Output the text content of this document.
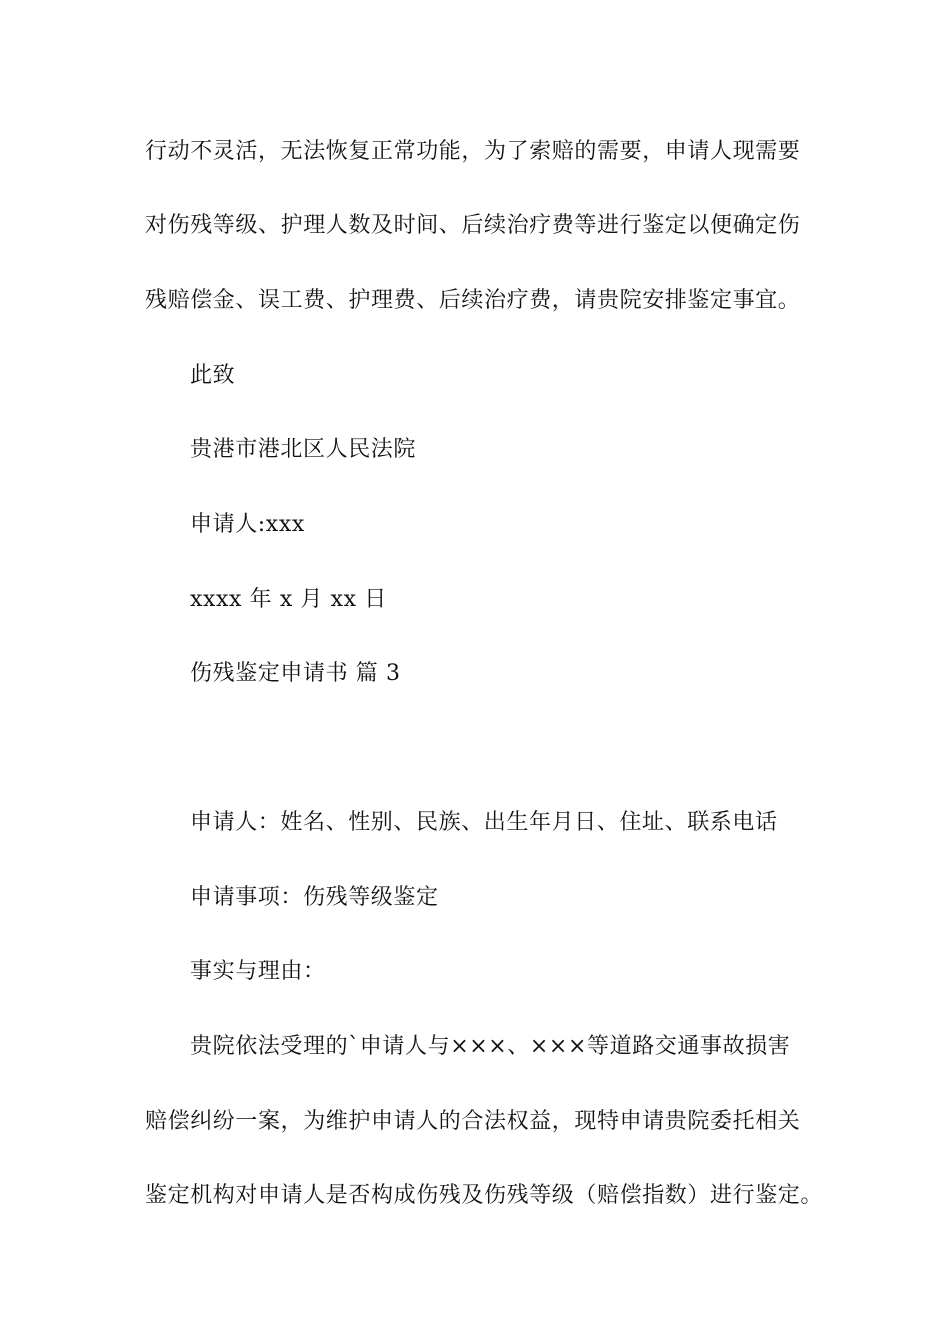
行动不灵活，无法恢复正常功能，为了索赔的需要，申请人现需要
对伤残等级、护理人数及时间、后续治疗费等进行鉴定以便确定伤
残赔偿金、误工费、护理费、后续治疗费，请贵院安排鉴定事宜。
此致
贵港市港北区人民法院
申请人:xxx
xxxx 年 x 月 xx 日
伤残鉴定申请书 篇 3
申请人：姓名、性别、民族、出生年月日、住址、联系电话
申请事项：伤残等级鉴定
事实与理由：
贵院依法受理的`申请人与×××、×××等道路交通事故损害
赔偿纠纷一案，为维护申请人的合法权益，现特申请贵院委托相关
鉴定机构对申请人是否构成伤残及伤残等级（赔偿指数）进行鉴定。
